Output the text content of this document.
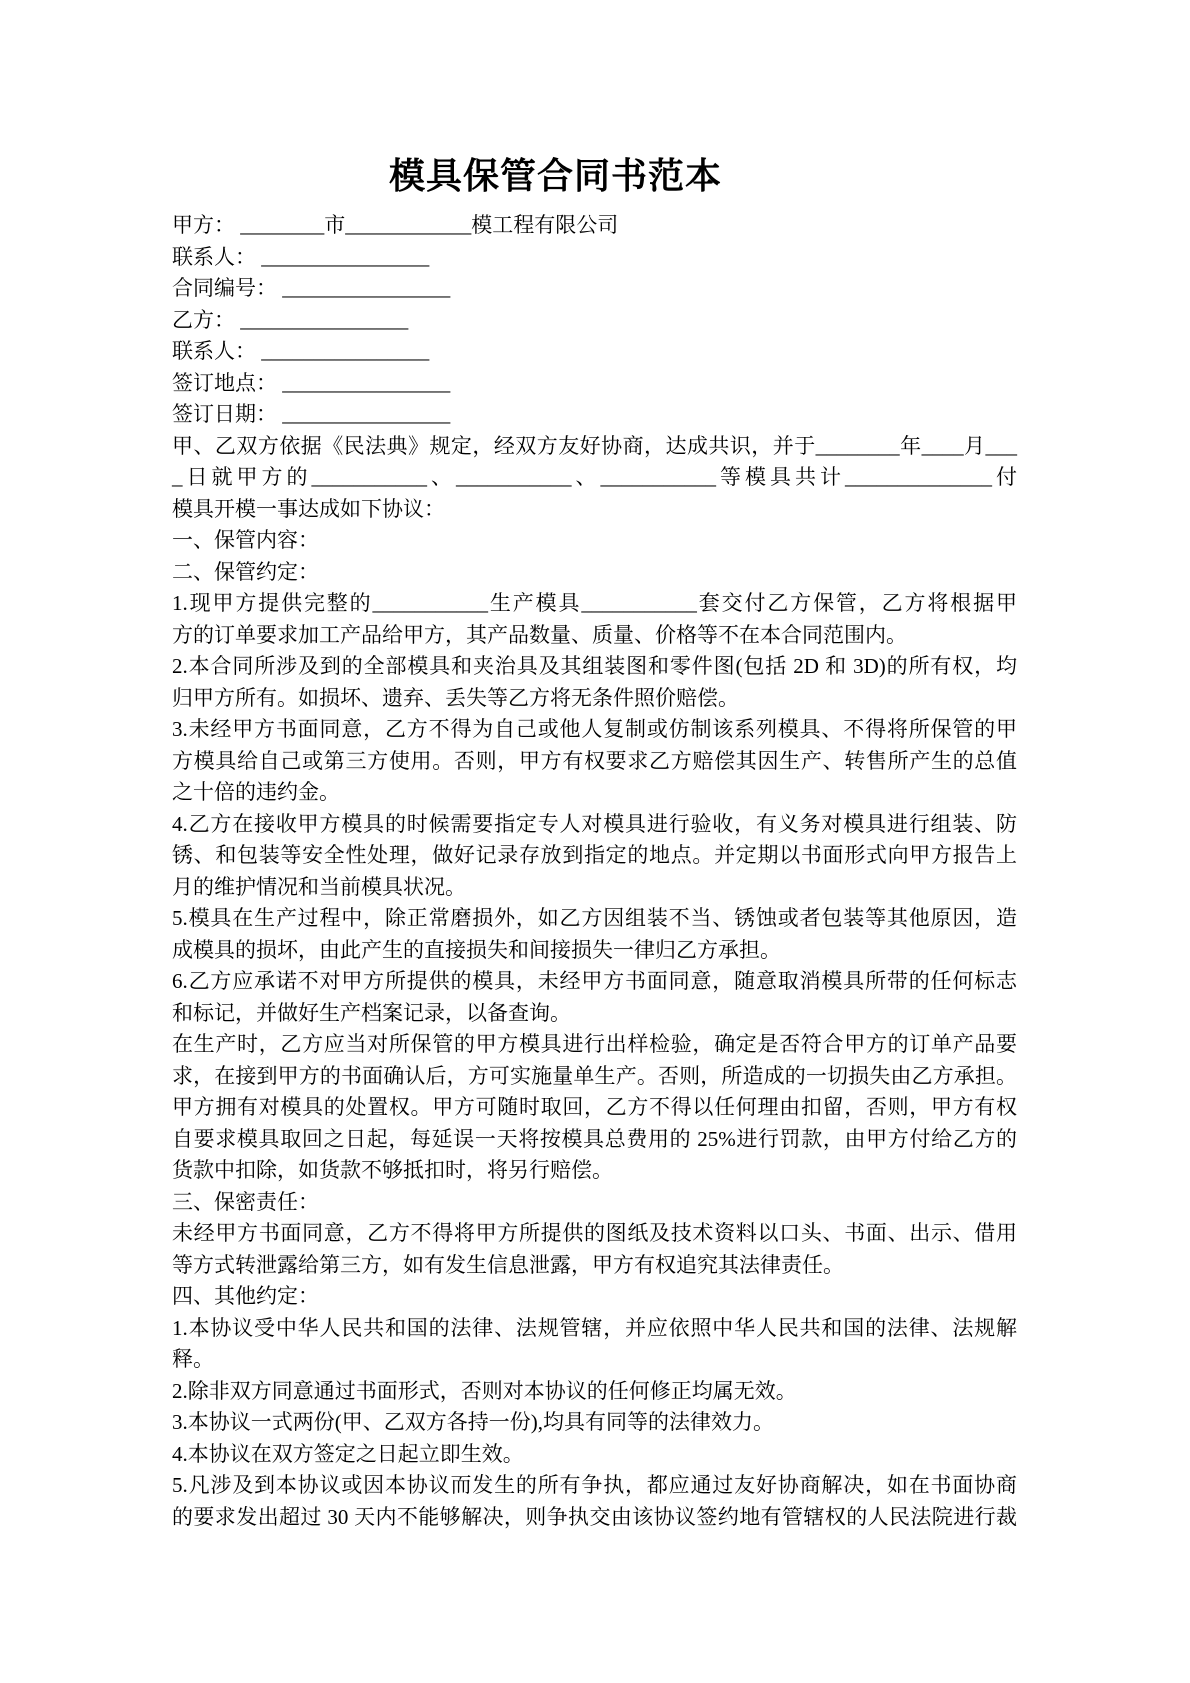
模具保管合同书范本
甲方： ________市____________模工程有限公司
联系人： ________________
合同编号： ________________
乙方： ________________
联系人： ________________
签订地点： ________________
签订日期： ________________
甲、乙双方依据《民法典》规定，经双方友好协商，达成共识，并于________年____月___
_日就甲方的___________、___________、___________等模具共计______________付
模具开模一事达成如下协议：
一、保管内容：
二、保管约定：
1.现甲方提供完整的___________生产模具___________套交付乙方保管，乙方将根据甲
方的订单要求加工产品给甲方，其产品数量、质量、价格等不在本合同范围内。
2.本合同所涉及到的全部模具和夹治具及其组装图和零件图(包括 2D 和 3D)的所有权，均
归甲方所有。如损坏、遗弃、丢失等乙方将无条件照价赔偿。
3.未经甲方书面同意，乙方不得为自己或他人复制或仿制该系列模具、不得将所保管的甲
方模具给自己或第三方使用。否则，甲方有权要求乙方赔偿其因生产、转售所产生的总值
之十倍的违约金。
4.乙方在接收甲方模具的时候需要指定专人对模具进行验收，有义务对模具进行组装、防
锈、和包装等安全性处理，做好记录存放到指定的地点。并定期以书面形式向甲方报告上
月的维护情况和当前模具状况。
5.模具在生产过程中，除正常磨损外，如乙方因组装不当、锈蚀或者包装等其他原因，造
成模具的损坏，由此产生的直接损失和间接损失一律归乙方承担。
6.乙方应承诺不对甲方所提供的模具，未经甲方书面同意，随意取消模具所带的任何标志
和标记，并做好生产档案记录，以备查询。
在生产时，乙方应当对所保管的甲方模具进行出样检验，确定是否符合甲方的订单产品要
求，在接到甲方的书面确认后，方可实施量单生产。否则，所造成的一切损失由乙方承担。
甲方拥有对模具的处置权。甲方可随时取回，乙方不得以任何理由扣留，否则，甲方有权
自要求模具取回之日起，每延误一天将按模具总费用的 25%进行罚款，由甲方付给乙方的
货款中扣除，如货款不够抵扣时，将另行赔偿。
三、保密责任：
未经甲方书面同意，乙方不得将甲方所提供的图纸及技术资料以口头、书面、出示、借用
等方式转泄露给第三方，如有发生信息泄露，甲方有权追究其法律责任。
四、其他约定：
1.本协议受中华人民共和国的法律、法规管辖，并应依照中华人民共和国的法律、法规解
释。
2.除非双方同意通过书面形式，否则对本协议的任何修正均属无效。
3.本协议一式两份(甲、乙双方各持一份),均具有同等的法律效力。
4.本协议在双方签定之日起立即生效。
5.凡涉及到本协议或因本协议而发生的所有争执，都应通过友好协商解决，如在书面协商
的要求发出超过 30 天内不能够解决，则争执交由该协议签约地有管辖权的人民法院进行裁
